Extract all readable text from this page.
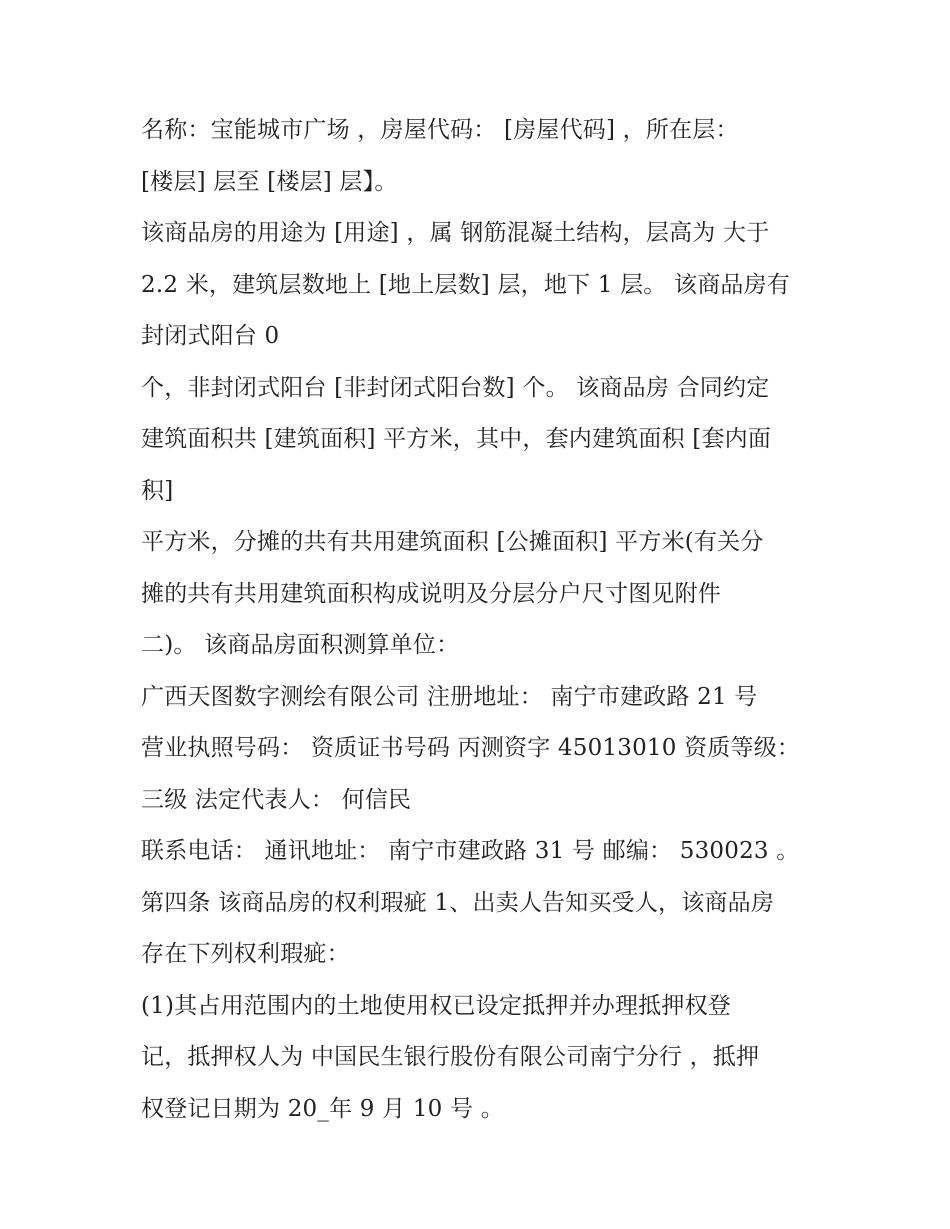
名称：宝能城市广场 ，房屋代码： [房屋代码] ，所在层：
[楼层] 层至 [楼层] 层】。
该商品房的用途为 [用途] ，属 钢筋混凝土结构，层高为 大于
2.2 米，建筑层数地上 [地上层数] 层，地下 1 层。 该商品房有
封闭式阳台 0
个，非封闭式阳台 [非封闭式阳台数] 个。 该商品房 合同约定
建筑面积共 [建筑面积] 平方米，其中，套内建筑面积 [套内面
积]
平方米，分摊的共有共用建筑面积 [公摊面积] 平方米(有关分
摊的共有共用建筑面积构成说明及分层分户尺寸图见附件
二)。 该商品房面积测算单位：
广西天图数字测绘有限公司 注册地址： 南宁市建政路 21 号
营业执照号码： 资质证书号码 丙测资字 45013010 资质等级：
三级 法定代表人： 何信民
联系电话： 通讯地址： 南宁市建政路 31 号 邮编： 530023 。
第四条 该商品房的权利瑕疵 1、出卖人告知买受人，该商品房
存在下列权利瑕疵：
(1)其占用范围内的土地使用权已设定抵押并办理抵押权登
记，抵押权人为 中国民生银行股份有限公司南宁分行 ，抵押
权登记日期为 20_年 9 月 10 号 。
